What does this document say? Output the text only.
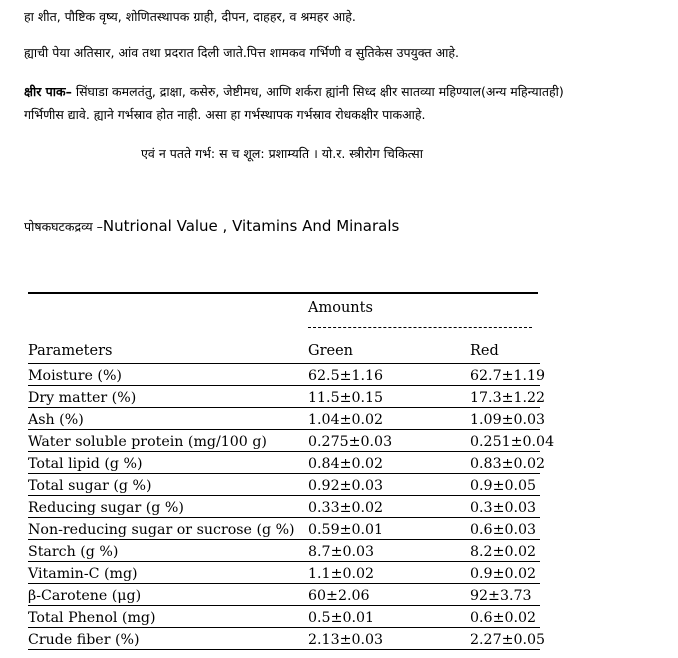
हा शीत, पौष्टिक वृष्य, शोणितस्थापक ग्राही, दीपन, दाहहर, व श्रमहर आहे.
ह्याची पेया अतिसार, आंव तथा प्रदरात दिली जाते.पित्त शामकव गर्भिणी व सुतिकेस उपयुक्त आहे.
क्षीर पाक– सिंघाडा कमलतंतु, द्राक्षा, कसेरु, जेष्टीमध, आणि शर्करा ह्यांनी सिध्द क्षीर सातव्या महिण्याल(अन्य महिन्यातही)
गर्भिणीस द्यावे. ह्याने गर्भस्राव होत नाही. असा हा गर्भस्थापक गर्भस्राव रोधकक्षीर पाकआहे.
एवं न पतते गर्भ: स च शूल: प्रशाम्यति । यो.र. स्त्रीरोग चिकित्सा
पोषकघटकद्रव्य –Nutrional Value , Vitamins And Minarals
Amounts
Parameters	Green	Red
Moisture (%)	62.5±1.16	62.7±1.19
Dry matter (%)	11.5±0.15	17.3±1.22
Ash (%)	1.04±0.02	1.09±0.03
Water soluble protein (mg/100 g)	0.275±0.03	0.251±0.04
Total lipid (g %)	0.84±0.02	0.83±0.02
Total sugar (g %)	0.92±0.03	0.9±0.05
Reducing sugar (g %)	0.33±0.02	0.3±0.03
Non-reducing sugar or sucrose (g %) 0.59±0.01	0.6±0.03
Starch (g %)	8.7±0.03	8.2±0.02
Vitamin-C (mg)	1.1±0.02	0.9±0.02
β-Carotene (μg)	60±2.06	92±3.73
Total Phenol (mg)	0.5±0.01	0.6±0.02
Crude fiber (%)	2.13±0.03	2.27±0.05
